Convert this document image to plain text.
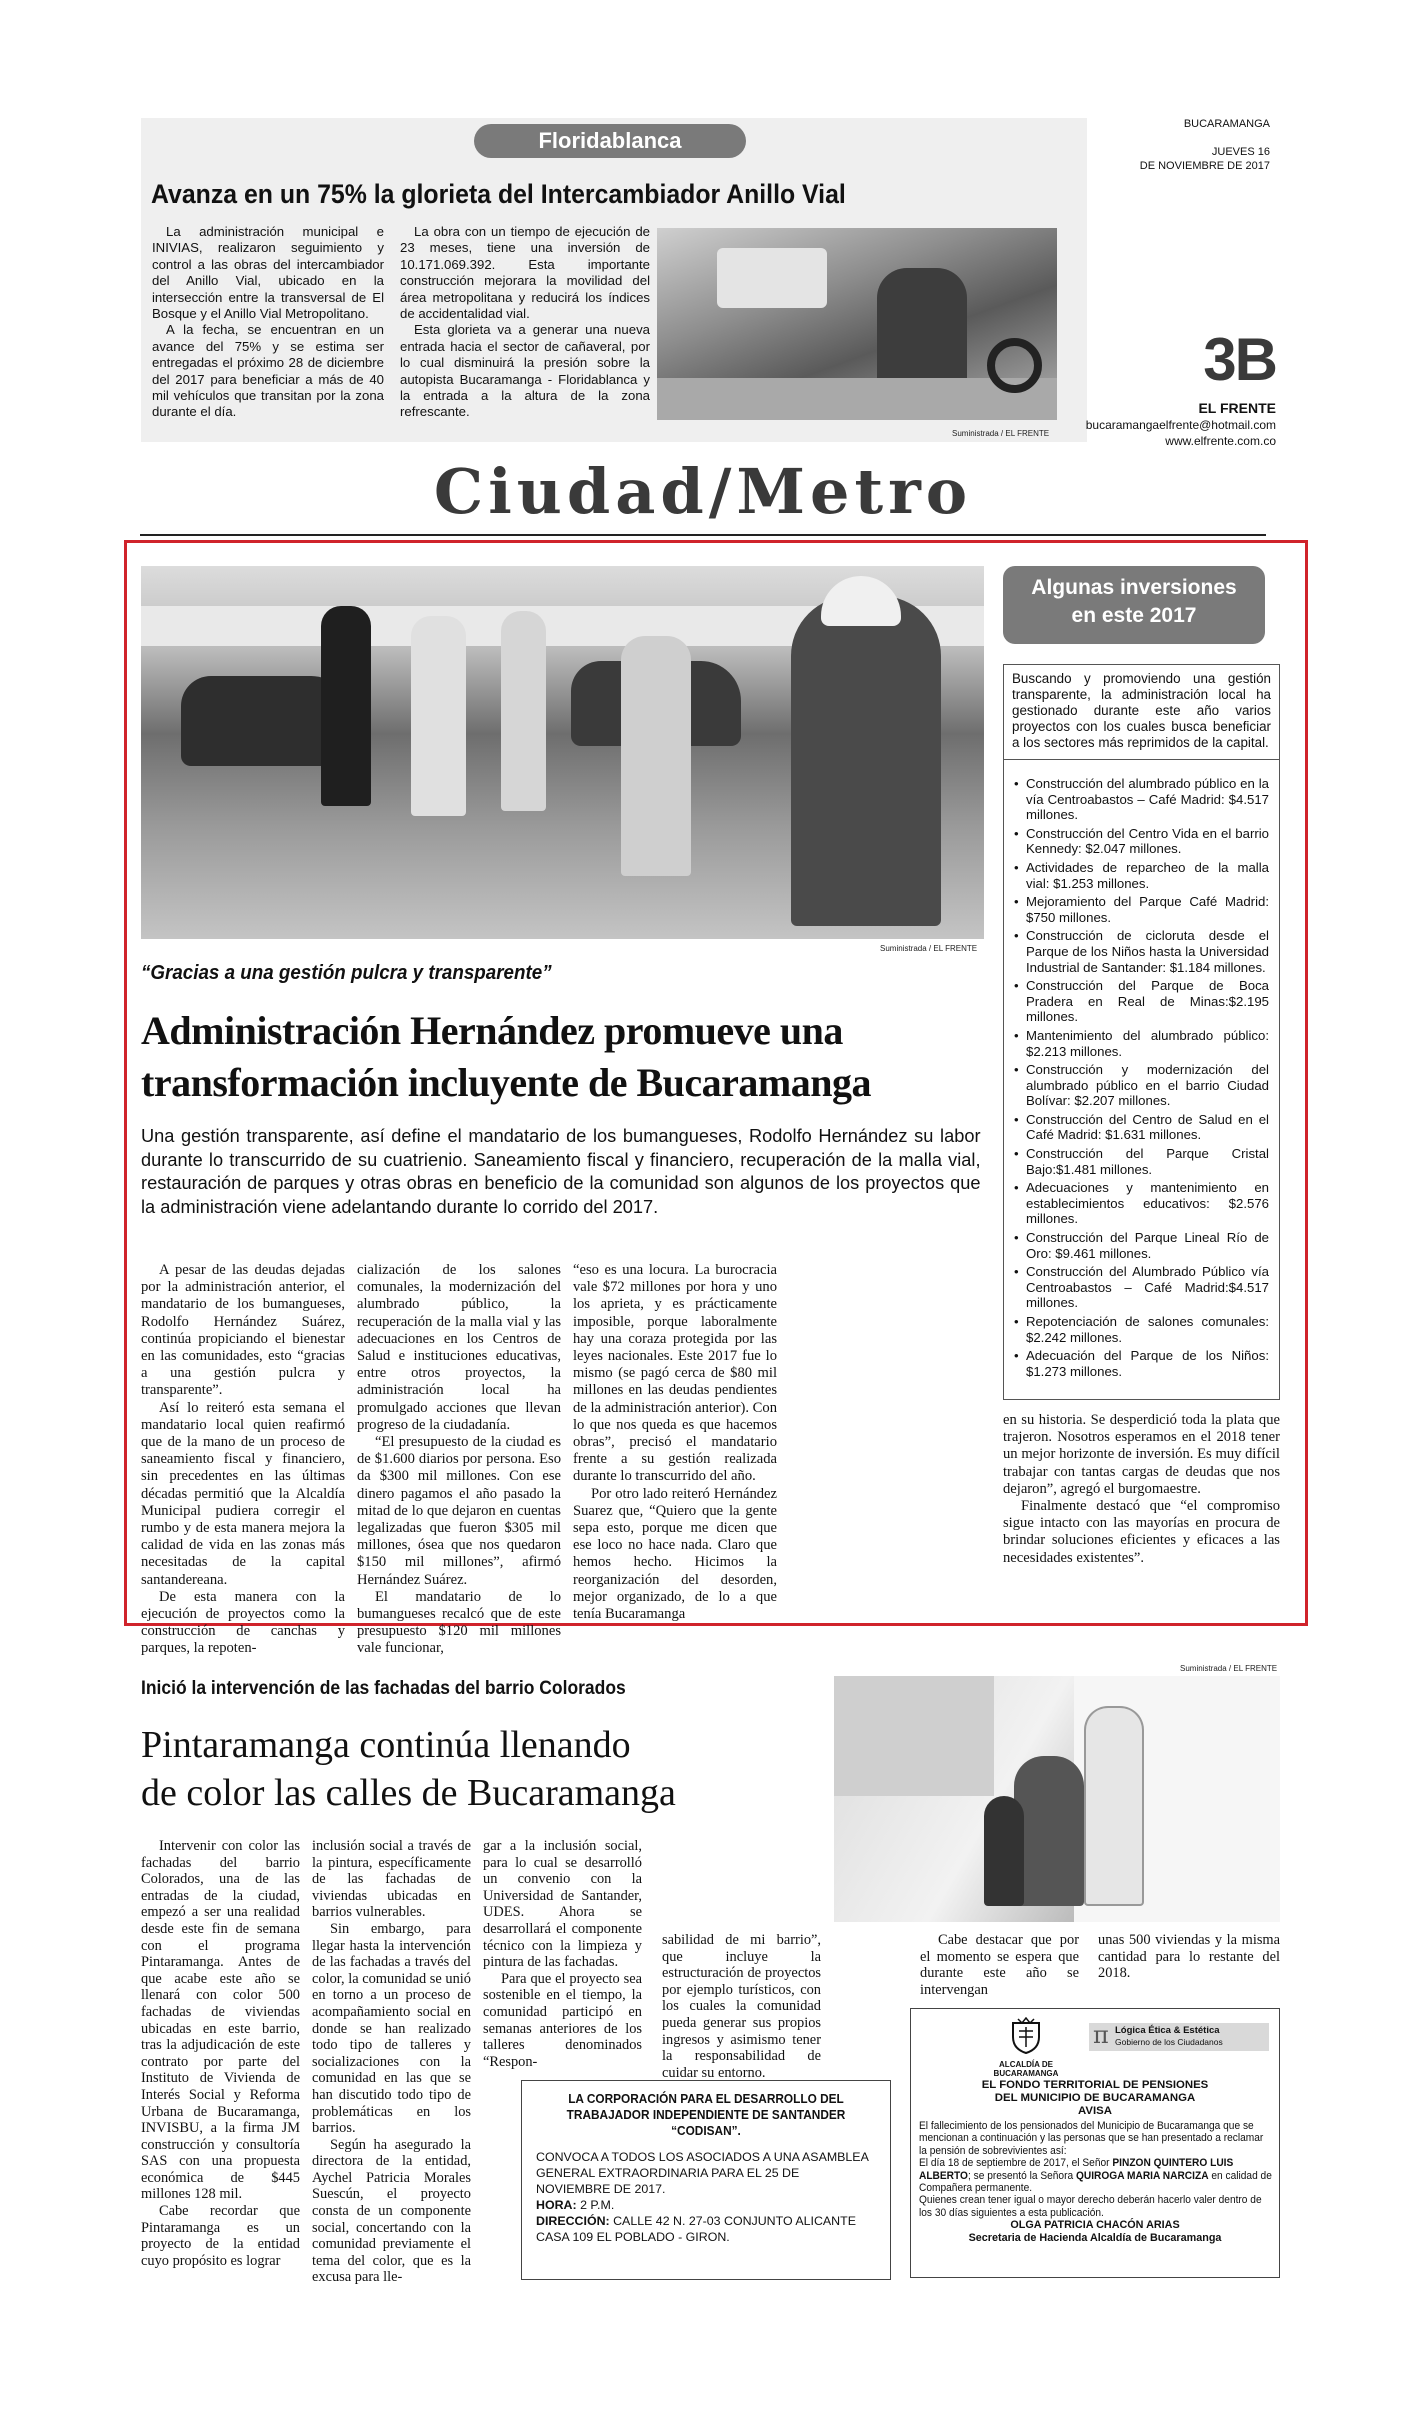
Floridablanca
Avanza en un 75% la glorieta del Intercambiador Anillo Vial
La administración municipal e INIVIAS, realizaron seguimiento y control a las obras del intercambiador del Anillo Vial, ubicado en la intersección entre la transversal de El Bosque y el Anillo Vial Metropolitano.
A la fecha, se encuentran en un avance del 75% y se estima ser entregadas el próximo 28 de diciembre del 2017 para beneficiar a más de 40 mil vehículos que transitan por la zona durante el día.
La obra con un tiempo de ejecución de 23 meses, tiene una inversión de 10.171.069.392. Esta importante construcción mejorara la movilidad del área metropolitana y reducirá los índices de accidentalidad vial.
Esta glorieta va a generar una nueva entrada hacia el sector de cañaveral, por lo cual disminuirá la presión sobre la autopista Bucaramanga - Floridablanca y la entrada a la altura de la zona refrescante.
Suministrada / EL FRENTE
BUCARAMANGA
JUEVES 16
DE NOVIEMBRE DE 2017
3B
EL FRENTE
bucaramangaelfrente@hotmail.com
www.elfrente.com.co
Ciudad/Metro
Suministrada / EL FRENTE
“Gracias a una gestión pulcra y transparente”
Administración Hernández promueve una
transformación incluyente de Bucaramanga
Una gestión transparente, así define el mandatario de los bumangueses, Rodolfo Hernández su labor durante lo transcurrido de su cuatrienio. Saneamiento fiscal y financiero, recuperación de la malla vial, restauración de parques y otras obras en beneficio de la comunidad son algunos de los proyectos que la administración viene adelantando durante lo corrido del 2017.

A pesar de las deudas dejadas por la administración anterior, el mandatario de los bumangueses, Rodolfo Hernández Suárez, continúa propiciando el bienestar en las comunidades, esto “gracias a una gestión pulcra y transparente”.
Así lo reiteró esta semana el mandatario local quien reafirmó que de la mano de un proceso de saneamiento fiscal y financiero, sin precedentes en las últimas décadas permitió que la Alcaldía Municipal pudiera corregir el rumbo y de esta manera mejora la calidad de vida en las zonas más necesitadas de la capital santandereana.
De esta manera con la ejecución de proyectos como la construcción de canchas y parques, la repoten-

cialización de los salones comunales, la modernización del alumbrado público, la recuperación de la malla vial y las adecuaciones en los Centros de Salud e instituciones educativas, entre otros proyectos, la administración local ha promulgado acciones que llevan progreso de la ciudadanía.
“El presupuesto de la ciudad es de $1.600 diarios por persona. Eso da $300 mil millones. Con ese dinero pagamos el año pasado la mitad de lo que dejaron en cuentas legalizadas que fueron $305 mil millones, ósea que nos quedaron $150 mil millones”, afirmó Hernández Suárez.
El mandatario de lo bumangueses recalcó que de este presupuesto $120 mil millones vale funcionar,

“eso es una locura. La burocracia vale $72 millones por hora y uno los aprieta, y es prácticamente imposible, porque laboralmente hay una coraza protegida por las leyes nacionales. Este 2017 fue lo mismo (se pagó cerca de $80 mil millones en las deudas pendientes de la administración anterior). Con lo que nos queda es que hacemos obras”, precisó el mandatario frente a su gestión realizada durante lo transcurrido del año.
Por otro lado reiteró Hernández Suarez que, “Quiero que la gente sepa esto, porque me dicen que ese loco no hace nada. Claro que hemos hecho. Hicimos la reorganización del desorden, mejor organizado, de lo a que tenía Bucaramanga

en su historia. Se desperdició toda la plata que trajeron. Nosotros esperamos en el 2018 tener un mejor horizonte de inversión. Es muy difícil trabajar con tantas cargas de deudas que nos dejaron”, agregó el burgomaestre.
Finalmente destacó que “el compromiso sigue intacto con las mayorías en procura de brindar soluciones eficientes y eficaces a las necesidades existentes”.

Algunas inversiones
en este 2017
Buscando y promoviendo una gestión transparente, la administración local ha gestionado durante este año varios proyectos con los cuales busca beneficiar a los sectores más reprimidos de la capital.
• Construcción del alumbrado público en la vía Centroabastos – Café Madrid: $4.517 millones.
• Construcción del Centro Vida en el barrio Kennedy: $2.047 millones.
• Actividades de reparcheo de la malla vial: $1.253 millones.
• Mejoramiento del Parque Café Madrid: $750 millones.
• Construcción de cicloruta desde el Parque de los Niños hasta la Universidad Industrial de Santander: $1.184 millones.
• Construcción del Parque de Boca Pradera en Real de Minas:$2.195 millones.
• Mantenimiento del alumbrado público: $2.213 millones.
• Construcción y modernización del alumbrado público en el barrio Ciudad Bolívar: $2.207 millones.
• Construcción del Centro de Salud en el Café Madrid: $1.631 millones.
• Construcción del Parque Cristal Bajo:$1.481 millones.
• Adecuaciones y mantenimiento en establecimientos educativos: $2.576 millones.
• Construcción del Parque Lineal Río de Oro: $9.461 millones.
• Construcción del Alumbrado Público vía Centroabastos – Café Madrid:$4.517 millones.
• Repotenciación de salones comunales: $2.242 millones.
• Adecuación del Parque de los Niños: $1.273 millones.
Inició la intervención de las fachadas del barrio Colorados
Pintaramanga continúa llenando
de color las calles de Bucaramanga
Suministrada / EL FRENTE

Intervenir con color las fachadas del barrio Colorados, una de las entradas de la ciudad, empezó a ser una realidad desde este fin de semana con el programa Pintaramanga. Antes de que acabe este año se llenará con color 500 fachadas de viviendas ubicadas en este barrio, tras la adjudicación de este contrato por parte del Instituto de Vivienda de Interés Social y Reforma Urbana de Bucaramanga, INVISBU, a la firma JM construcción y consultoría SAS con una propuesta económica de $445 millones 128 mil.
Cabe recordar que Pintaramanga es un proyecto de la entidad cuyo propósito es lograr

inclusión social a través de la pintura, específicamente de las fachadas de viviendas ubicadas en barrios vulnerables.
Sin embargo, para llegar hasta la intervención de las fachadas a través del color, la comunidad se unió en torno a un proceso de acompañamiento social en donde se han realizado todo tipo de talleres y socializaciones con la comunidad en las que se han discutido todo tipo de problemáticas en los barrios.
Según ha asegurado la directora de la entidad, Aychel Patricia Morales Suescún, el proyecto consta de un componente social, concertando con la comunidad previamente el tema del color, que es la excusa para lle-

gar a la inclusión social, para lo cual se desarrolló un convenio con la Universidad de Santander, UDES. Ahora se desarrollará el componente técnico con la limpieza y pintura de las fachadas.
Para que el proyecto sea sostenible en el tiempo, la comunidad participó en semanas anteriores de los talleres denominados “Respon-

sabilidad de mi barrio”, que incluye la estructuración de proyectos por ejemplo turísticos, con los cuales la comunidad pueda generar sus propios ingresos y asimismo tener la responsabilidad de cuidar su entorno.

Cabe destacar que por el momento se espera que durante este año se intervengan

unas 500 viviendas y la misma cantidad para lo restante del 2018.

LA CORPORACIÓN PARA EL DESARROLLO DEL TRABAJADOR INDEPENDIENTE DE SANTANDER “CODISAN”.
CONVOCA A TODOS LOS ASOCIADOS A UNA ASAMBLEA GENERAL EXTRAORDINARIA PARA EL 25 DE NOVIEMBRE DE 2017.
HORA: 2 P.M.
DIRECCIÓN: CALLE 42 N. 27-03 CONJUNTO ALICANTE CASA 109 EL POBLADO - GIRON.
ALCALDÍA DE
BUCARAMANGA
π Lógica Ética & Estética
Gobierno de los Ciudadanos
EL FONDO TERRITORIAL DE PENSIONES
DEL MUNICIPIO DE BUCARAMANGA
AVISA
El fallecimiento de los pensionados del Municipio de Bucaramanga que se mencionan a continuación y las personas que se han presentado a reclamar la pensión de sobrevivientes así:
El día 18 de septiembre de 2017, el Señor PINZON QUINTERO LUIS ALBERTO; se presentó la Señora QUIROGA MARIA NARCIZA en calidad de Compañera permanente.
Quienes crean tener igual o mayor derecho deberán hacerlo valer dentro de los 30 días siguientes a esta publicación.
OLGA PATRICIA CHACÓN ARIAS
Secretaria de Hacienda Alcaldía de Bucaramanga
